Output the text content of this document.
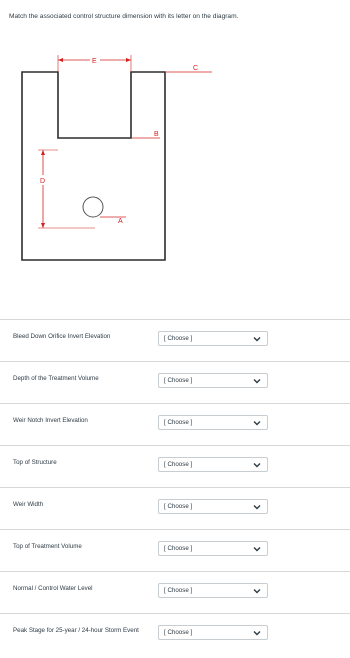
Match the associated control structure dimension with its letter on the diagram.
E
C
B
D
A
Bleed Down Orifice Invert Elevation	[ Choose ]
Depth of the Treatment Volume	[ Choose ]
Weir Notch Invert Elevation	[ Choose ]
Top of Structure	[ Choose ]
Weir Width	[ Choose ]
Top of Treatment Volume	[ Choose ]
Normal / Control Water Level	[ Choose ]
Peak Stage for 25-year / 24-hour Storm Event	[ Choose ]
